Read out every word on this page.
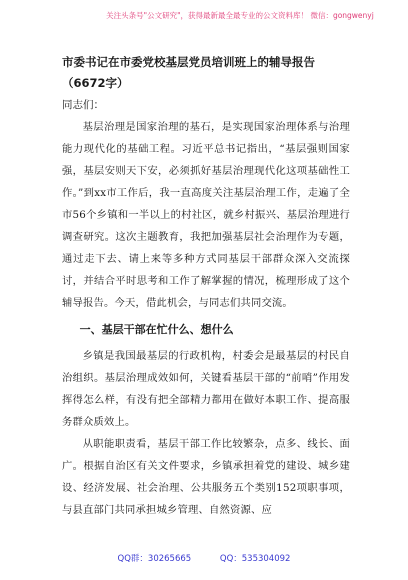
关注头条号"公文研究"，获得最新最全最专业的公文资料库！ 微信：gongwenyj
市委书记在市委党校基层党员培训班上的辅导报告（6672字）
同志们：

基层治理是国家治理的基石，是实现国家治理体系与治理能力现代化的基础工程。习近平总书记指出，“基层强则国家强，基层安则天下安，必须抓好基层治理现代化这项基础性工作。”到xx市工作后，我一直高度关注基层治理工作，走遍了全市56个乡镇和一半以上的村社区，就乡村振兴、基层治理进行调查研究。这次主题教育，我把加强基层社会治理作为专题，通过走下去、请上来等多种方式同基层干部群众深入交流探讨，并结合平时思考和工作了解掌握的情况，梳理形成了这个辅导报告。今天，借此机会，与同志们共同交流。

一、基层干部在忙什么、想什么

乡镇是我国最基层的行政机构，村委会是最基层的村民自治组织。基层治理成效如何，关键看基层干部的“前哨”作用发挥得怎么样，有没有把全部精力都用在做好本职工作、提高服务群众质效上。

从职能职责看，基层干部工作比较繁杂，点多、线长、面广。根据自治区有关文件要求，乡镇承担着党的建设、城乡建设、经济发展、社会治理、公共服务五个类别152项职事项，与县直部门共同承担城乡管理、自然资源、应

QQ群：30265665	QQ：535304092
